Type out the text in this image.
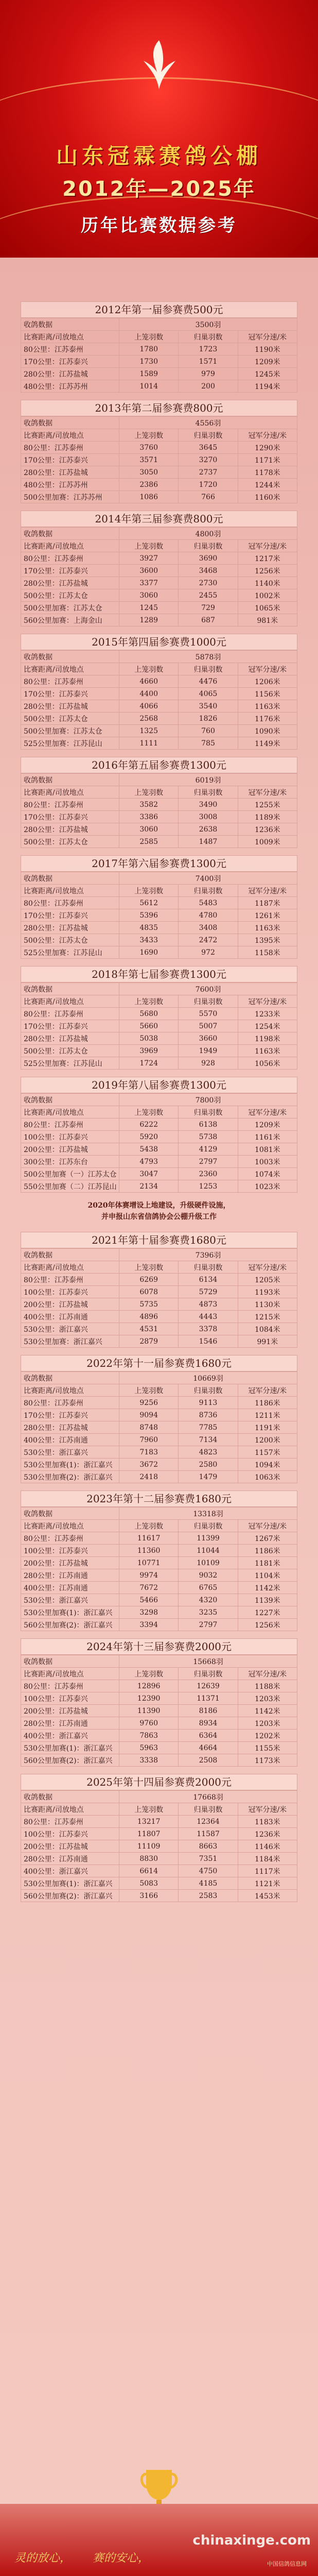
山东冠霖赛鸽公棚
2012年—2025年
历年比赛数据参考
2012年第一届参赛费500元
收鸽数据	3500羽		
比赛距离/司放地点	上笼羽数	归巢羽数	冠军分速/米
80公里：江苏泰州	1780	1723	1190米
170公里：江苏泰兴	1730	1571	1209米
280公里：江苏盐城	1589	979	1245米
480公里：江苏苏州	1014	200	1194米
2013年第二届参赛费800元
收鸽数据	4556羽		
比赛距离/司放地点	上笼羽数	归巢羽数	冠军分速/米
80公里：江苏泰州	3760	3645	1290米
170公里：江苏泰兴	3571	3270	1171米
280公里：江苏盐城	3050	2737	1178米
480公里：江苏苏州	2386	1720	1244米
500公里加赛：江苏苏州	1086	766	1160米
2014年第三届参赛费800元
收鸽数据	4800羽		
比赛距离/司放地点	上笼羽数	归巢羽数	冠军分速/米
80公里：江苏泰州	3927	3690	1217米
170公里：江苏泰兴	3600	3468	1256米
280公里：江苏盐城	3377	2730	1140米
500公里：江苏太仓	3060	2455	1002米
500公里加赛：江苏太仓	1245	729	1065米
560公里加赛：上海金山	1289	687	981米
2015年第四届参赛费1000元
收鸽数据	5878羽		
比赛距离/司放地点	上笼羽数	归巢羽数	冠军分速/米
80公里：江苏泰州	4660	4476	1206米
170公里：江苏泰兴	4400	4065	1156米
280公里：江苏盐城	4066	3540	1163米
500公里：江苏太仓	2568	1826	1176米
500公里加赛：江苏太仓	1325	760	1090米
525公里加赛：江苏昆山	1111	785	1149米
2016年第五届参赛费1300元
收鸽数据	6019羽		
比赛距离/司放地点	上笼羽数	归巢羽数	冠军分速/米
80公里：江苏泰州	3582	3490	1255米
170公里：江苏泰兴	3386	3008	1189米
280公里：江苏盐城	3060	2638	1236米
500公里：江苏太仓	2585	1487	1009米
2017年第六届参赛费1300元
收鸽数据	7400羽		
比赛距离/司放地点	上笼羽数	归巢羽数	冠军分速/米
80公里：江苏泰州	5612	5483	1187米
170公里：江苏泰兴	5396	4780	1261米
280公里：江苏盐城	4835	3408	1163米
500公里：江苏太仓	3433	2472	1395米
525公里加赛：江苏昆山	1690	972	1158米
2018年第七届参赛费1300元
收鸽数据	7600羽		
比赛距离/司放地点	上笼羽数	归巢羽数	冠军分速/米
80公里：江苏泰州	5680	5570	1233米
170公里：江苏泰兴	5660	5007	1254米
280公里：江苏盐城	5038	3660	1198米
500公里：江苏太仓	3969	1949	1163米
525公里加赛：江苏昆山	1724	928	1056米
2019年第八届参赛费1300元
收鸽数据	7800羽		
比赛距离/司放地点	上笼羽数	归巢羽数	冠军分速/米
80公里：江苏泰州	6222	6138	1209米
100公里：江苏泰兴	5920	5738	1161米
200公里：江苏盐城	5438	4129	1081米
300公里：江苏东台	4793	2797	1003米
500公里加赛（一）江苏太仓	3047	2360	1074米
550公里加赛（二）江苏昆山	2134	1253	1023米
2020年体赛增设上地建设，升级硬件设施，
并申报山东省信鸽协会公棚升级工作
2021年第十届参赛费1680元
收鸽数据	7396羽		
比赛距离/司放地点	上笼羽数	归巢羽数	冠军分速/米
80公里：江苏泰州	6269	6134	1205米
100公里：江苏泰兴	6078	5729	1193米
200公里：江苏盐城	5735	4873	1130米
400公里：江苏南通	4896	4443	1215米
530公里：浙江嘉兴	4531	3378	1084米
530公里加赛：浙江嘉兴	2879	1546	991米
2022年第十一届参赛费1680元
收鸽数据	10669羽		
比赛距离/司放地点	上笼羽数	归巢羽数	冠军分速/米
80公里：江苏泰州	9256	9113	1186米
170公里：江苏泰兴	9094	8736	1211米
280公里：江苏盐城	8748	7785	1191米
400公里：江苏南通	7960	7134	1200米
530公里：浙江嘉兴	7183	4823	1157米
530公里加赛(1)：浙江嘉兴	3672	2580	1094米
530公里加赛(2)：浙江嘉兴	2418	1479	1063米
2023年第十二届参赛费1680元
收鸽数据	13318羽		
比赛距离/司放地点	上笼羽数	归巢羽数	冠军分速/米
80公里：江苏泰州	11617	11399	1267米
100公里：江苏泰兴	11360	11044	1186米
200公里：江苏盐城	10771	10109	1181米
280公里：江苏南通	9974	9032	1104米
400公里：江苏南通	7672	6765	1142米
530公里：浙江嘉兴	5466	4320	1139米
530公里加赛(1)：浙江嘉兴	3298	3235	1227米
560公里加赛(2)：浙江嘉兴	3394	2797	1256米
2024年第十三届参赛费2000元
收鸽数据	15668羽		
比赛距离/司放地点	上笼羽数	归巢羽数	冠军分速/米
80公里：江苏泰州	12896	12639	1188米
100公里：江苏泰兴	12390	11371	1203米
200公里：江苏盐城	11390	8186	1142米
280公里：江苏南通	9760	8934	1203米
400公里：浙江嘉兴	7863	6364	1202米
530公里加赛(1)：浙江嘉兴	5963	4664	1155米
560公里加赛(2)：浙江嘉兴	3338	2508	1173米
2025年第十四届参赛费2000元
收鸽数据	17668羽		
比赛距离/司放地点	上笼羽数	归巢羽数	冠军分速/米
80公里：江苏泰州	13217	12364	1183米
100公里：江苏泰兴	11807	11587	1236米
200公里：江苏盐城	11109	8663	1146米
280公里：江苏南通	8830	7351	1184米
400公里：浙江嘉兴	6614	4750	1117米
530公里加赛(1)：浙江嘉兴	5083	4185	1121米
560公里加赛(2)：浙江嘉兴	3166	2583	1453米
灵的放心， 赛的安心，
chinaxinge.com
中国信鸽信息网
